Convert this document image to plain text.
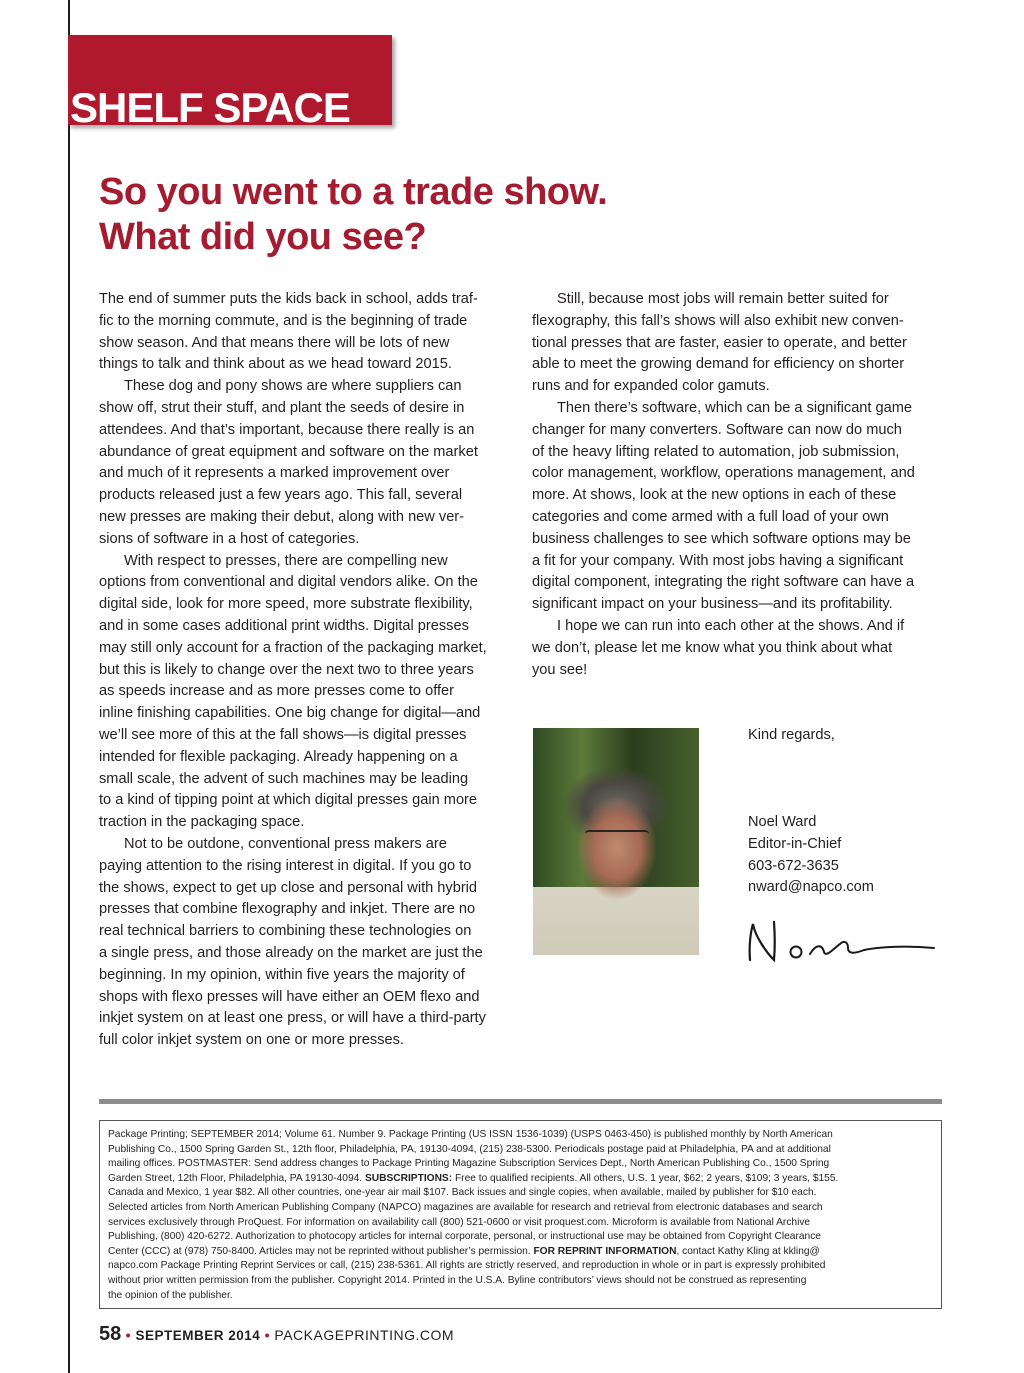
SHELF SPACE
So you went to a trade show.
What did you see?
The end of summer puts the kids back in school, adds traf-
fic to the morning commute, and is the beginning of trade
show season. And that means there will be lots of new
things to talk and think about as we head toward 2015.
These dog and pony shows are where suppliers can
show off, strut their stuff, and plant the seeds of desire in
attendees. And that’s important, because there really is an
abundance of great equipment and software on the market
and much of it represents a marked improvement over
products released just a few years ago. This fall, several
new presses are making their debut, along with new ver-
sions of software in a host of categories.
With respect to presses, there are compelling new
options from conventional and digital vendors alike. On the
digital side, look for more speed, more substrate flexibility,
and in some cases additional print widths. Digital presses
may still only account for a fraction of the packaging market,
but this is likely to change over the next two to three years
as speeds increase and as more presses come to offer
inline finishing capabilities. One big change for digital—and
we’ll see more of this at the fall shows—is digital presses
intended for flexible packaging. Already happening on a
small scale, the advent of such machines may be leading
to a kind of tipping point at which digital presses gain more
traction in the packaging space.
Not to be outdone, conventional press makers are
paying attention to the rising interest in digital. If you go to
the shows, expect to get up close and personal with hybrid
presses that combine flexography and inkjet. There are no
real technical barriers to combining these technologies on
a single press, and those already on the market are just the
beginning. In my opinion, within five years the majority of
shops with flexo presses will have either an OEM flexo and
inkjet system on at least one press, or will have a third-party
full color inkjet system on one or more presses.
Still, because most jobs will remain better suited for
flexography, this fall’s shows will also exhibit new conven-
tional presses that are faster, easier to operate, and better
able to meet the growing demand for efficiency on shorter
runs and for expanded color gamuts.
Then there’s software, which can be a significant game
changer for many converters. Software can now do much
of the heavy lifting related to automation, job submission,
color management, workflow, operations management, and
more. At shows, look at the new options in each of these
categories and come armed with a full load of your own
business challenges to see which software options may be
a fit for your company. With most jobs having a significant
digital component, integrating the right software can have a
significant impact on your business—and its profitability.
I hope we can run into each other at the shows. And if
we don’t, please let me know what you think about what
you see!
Kind regards,
Noel Ward
Editor-in-Chief
603-672-3635
nward@napco.com
Package Printing; SEPTEMBER 2014; Volume 61. Number 9. Package Printing (US ISSN 1536-1039) (USPS 0463-450) is published monthly by North American
Publishing Co., 1500 Spring Garden St., 12th floor, Philadelphia, PA, 19130-4094, (215) 238-5300. Periodicals postage paid at Philadelphia, PA and at additional
mailing offices. POSTMASTER: Send address changes to Package Printing Magazine Subscription Services Dept., North American Publishing Co., 1500 Spring
Garden Street, 12th Floor, Philadelphia, PA 19130-4094. SUBSCRIPTIONS: Free to qualified recipients. All others, U.S. 1 year, $62; 2 years, $109; 3 years, $155.
Canada and Mexico, 1 year $82. All other countries, one-year air mail $107. Back issues and single copies, when available, mailed by publisher for $10 each.
Selected articles from North American Publishing Company (NAPCO) magazines are available for research and retrieval from electronic databases and search
services exclusively through ProQuest. For information on availability call (800) 521-0600 or visit proquest.com. Microform is available from National Archive
Publishing, (800) 420-6272. Authorization to photocopy articles for internal corporate, personal, or instructional use may be obtained from Copyright Clearance
Center (CCC) at (978) 750-8400. Articles may not be reprinted without publisher’s permission. FOR REPRINT INFORMATION, contact Kathy Kling at kkling@
napco.com Package Printing Reprint Services or call, (215) 238-5361. All rights are strictly reserved, and reproduction in whole or in part is expressly prohibited
without prior written permission from the publisher. Copyright 2014. Printed in the U.S.A. Byline contributors’ views should not be construed as representing
the opinion of the publisher.
58 • SEPTEMBER 2014 • PACKAGEPRINTING.COM
